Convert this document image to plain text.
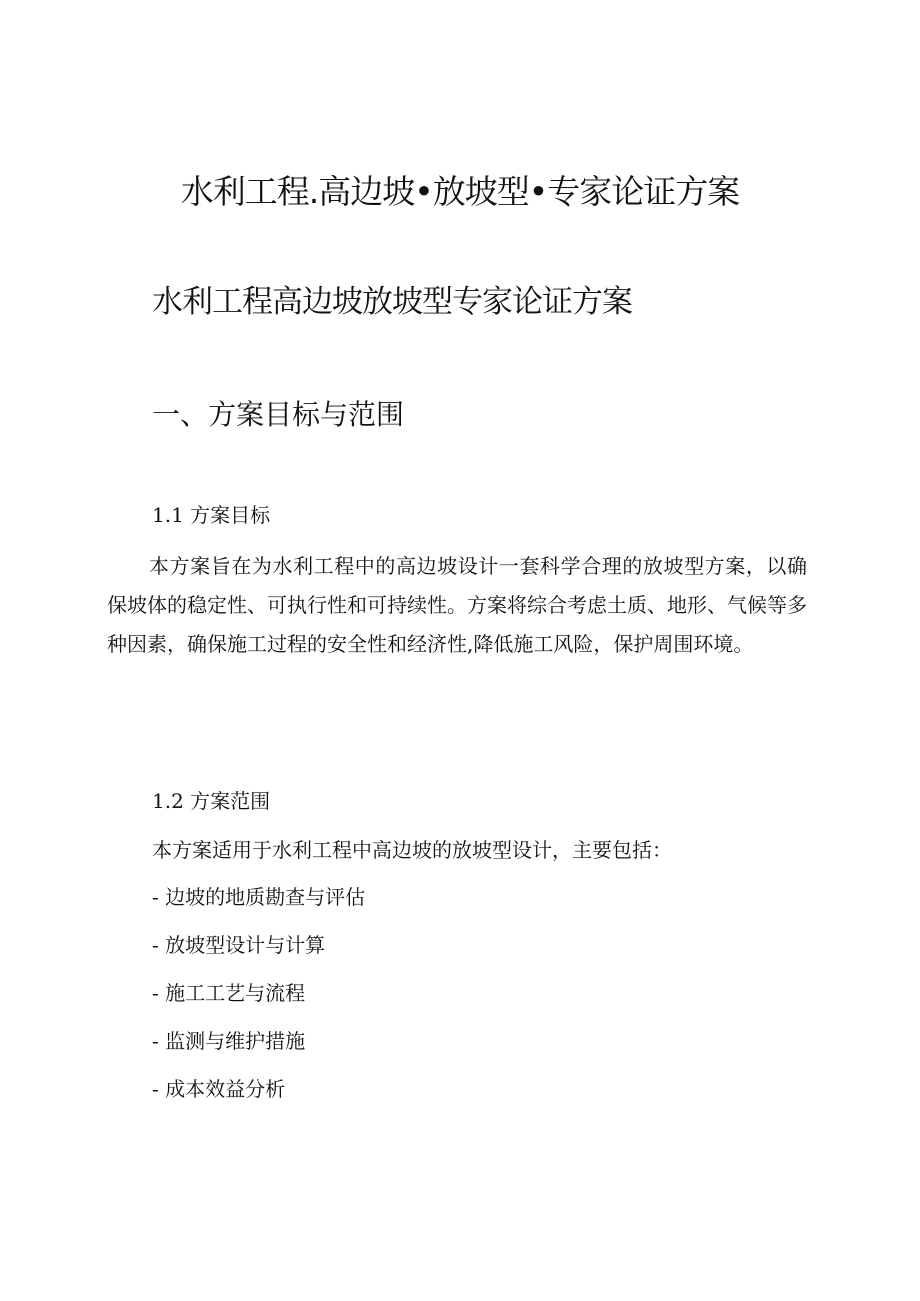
水利工程.高边坡•放坡型•专家论证方案
水利工程高边坡放坡型专家论证方案
一、方案目标与范围
1.1 方案目标

本方案旨在为水利工程中的高边坡设计一套科学合理的放坡型方案，以确保坡体的稳定性、可执行性和可持续性。方案将综合考虑土质、地形、气候等多种因素，确保施工过程的安全性和经济性,降低施工风险，保护周围环境。

1.2 方案范围
本方案适用于水利工程中高边坡的放坡型设计，主要包括：
- 边坡的地质勘查与评估
- 放坡型设计与计算
- 施工工艺与流程
- 监测与维护措施
- 成本效益分析
